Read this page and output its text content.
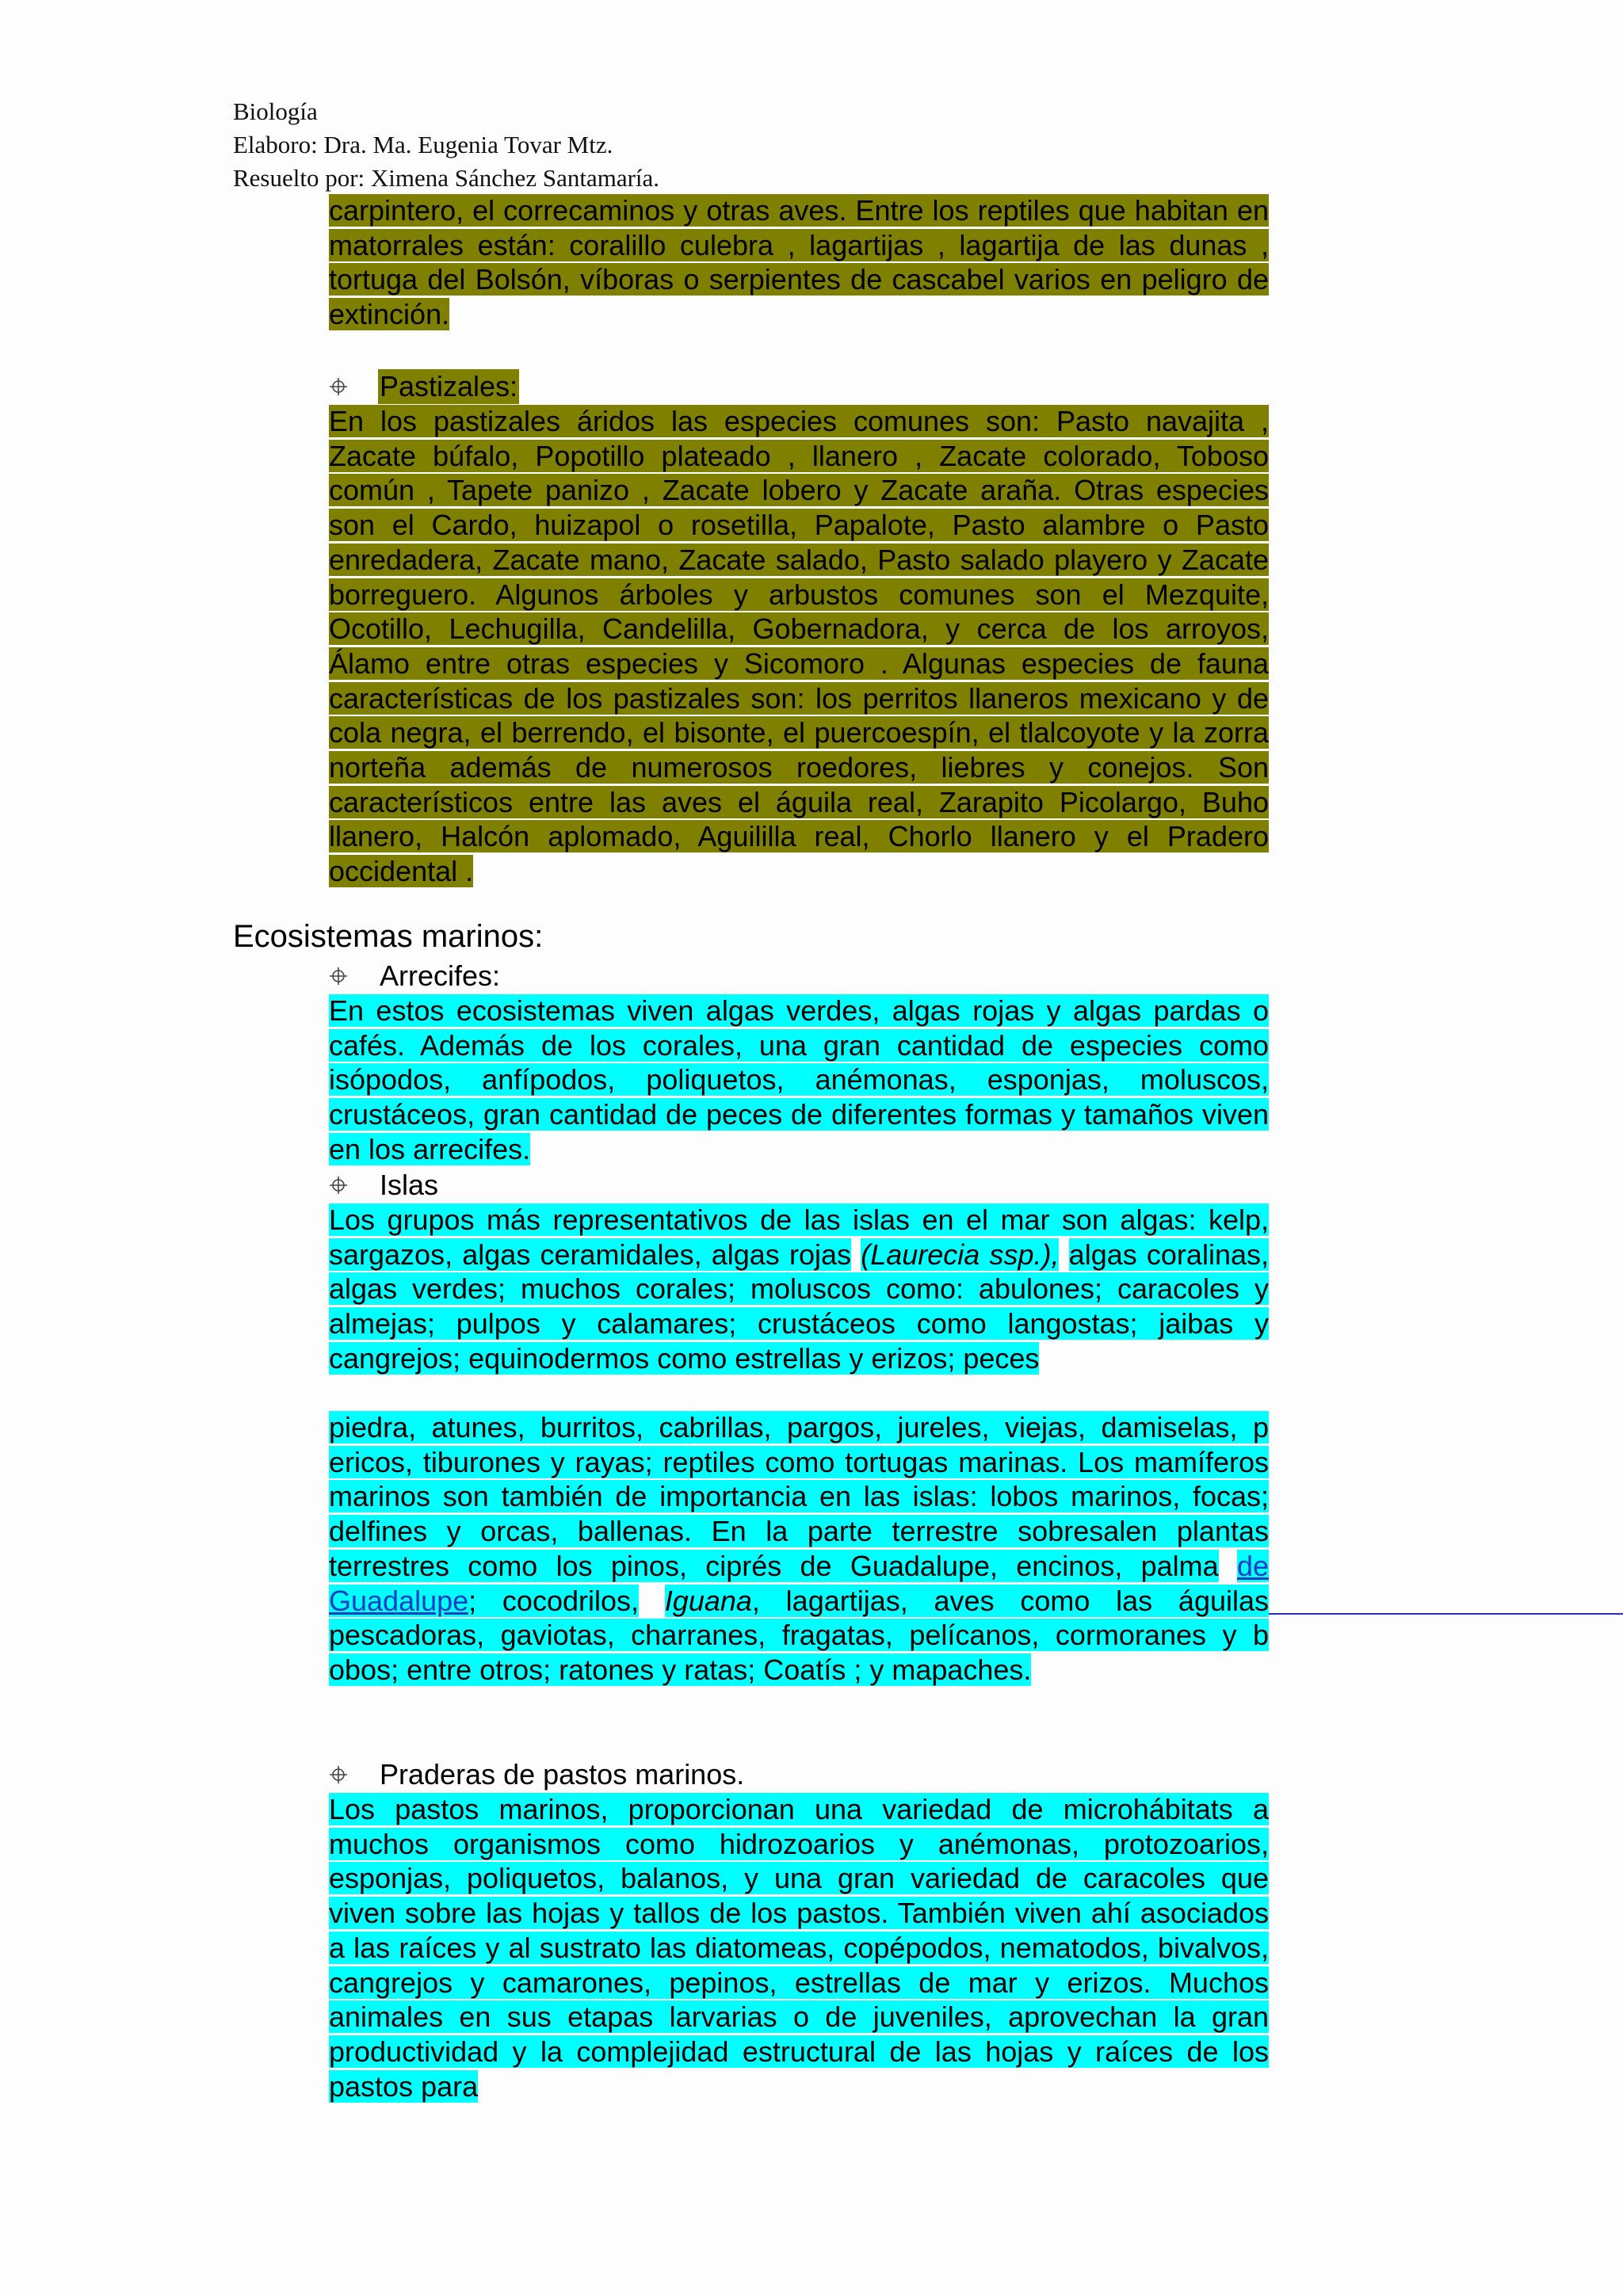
Biología
Elaboro: Dra. Ma. Eugenia Tovar Mtz.
Resuelto por: Ximena Sánchez Santamaría.
carpintero, el correcaminos y otras aves. Entre los reptiles que habitan en matorrales están: coralillo culebra , lagartijas , lagartija de las dunas , tortuga del Bolsón, víboras o serpientes de cascabel varios en peligro de extinción.
Pastizales:
En los pastizales áridos las especies comunes son: Pasto navajita , Zacate búfalo, Popotillo plateado , llanero , Zacate colorado, Toboso común , Tapete panizo , Zacate lobero y Zacate araña. Otras especies son el Cardo, huizapol o rosetilla, Papalote, Pasto alambre o Pasto enredadera, Zacate mano, Zacate salado, Pasto salado playero y Zacate borreguero. Algunos árboles y arbustos comunes son el Mezquite, Ocotillo, Lechugilla, Candelilla, Gobernadora, y cerca de los arroyos, Álamo entre otras especies y Sicomoro . Algunas especies de fauna características de los pastizales son: los perritos llaneros mexicano y de cola negra, el berrendo, el bisonte, el puercoespín, el tlalcoyote y la zorra norteña además de numerosos roedores, liebres y conejos. Son característicos entre las aves el águila real, Zarapito Picolargo, Buho llanero, Halcón aplomado, Aguililla real, Chorlo llanero y el Pradero occidental .
Ecosistemas marinos:
Arrecifes:
En estos ecosistemas viven algas verdes, algas rojas y algas pardas o cafés. Además de los corales, una gran cantidad de especies como isópodos, anfípodos, poliquetos, anémonas, esponjas, moluscos, crustáceos, gran cantidad de peces de diferentes formas y tamaños viven en los arrecifes.
Islas
Los grupos más representativos de las islas en el mar son algas: kelp, sargazos, algas ceramidales, algas rojas (Laurecia ssp.), algas coralinas, algas verdes; muchos corales; moluscos como: abulones; caracoles y almejas; pulpos y calamares; crustáceos como langostas; jaibas y cangrejos; equinodermos como estrellas y erizos; peces
piedra, atunes, burritos, cabrillas, pargos, jureles, viejas, damiselas, p ericos, tiburones y rayas; reptiles como tortugas marinas. Los mamíferos marinos son también de importancia en las islas: lobos marinos, focas; delfines y orcas, ballenas. En la parte terrestre sobresalen plantas terrestres como los pinos, ciprés de Guadalupe, encinos, palma de Guadalupe; cocodrilos, Iguana, lagartijas, aves como las águilas pescadoras, gaviotas, charranes, fragatas, pelícanos, cormoranes y b obos; entre otros; ratones y ratas; Coatís ; y mapaches.
Praderas de pastos marinos.
Los pastos marinos, proporcionan una variedad de microhábitats a muchos organismos como hidrozoarios y anémonas, protozoarios, esponjas, poliquetos, balanos, y una gran variedad de caracoles que viven sobre las hojas y tallos de los pastos. También viven ahí asociados a las raíces y al sustrato las diatomeas, copépodos, nematodos, bivalvos, cangrejos y camarones, pepinos, estrellas de mar y erizos. Muchos animales en sus etapas larvarias o de juveniles, aprovechan la gran productividad y la complejidad estructural de las hojas y raíces de los pastos para
